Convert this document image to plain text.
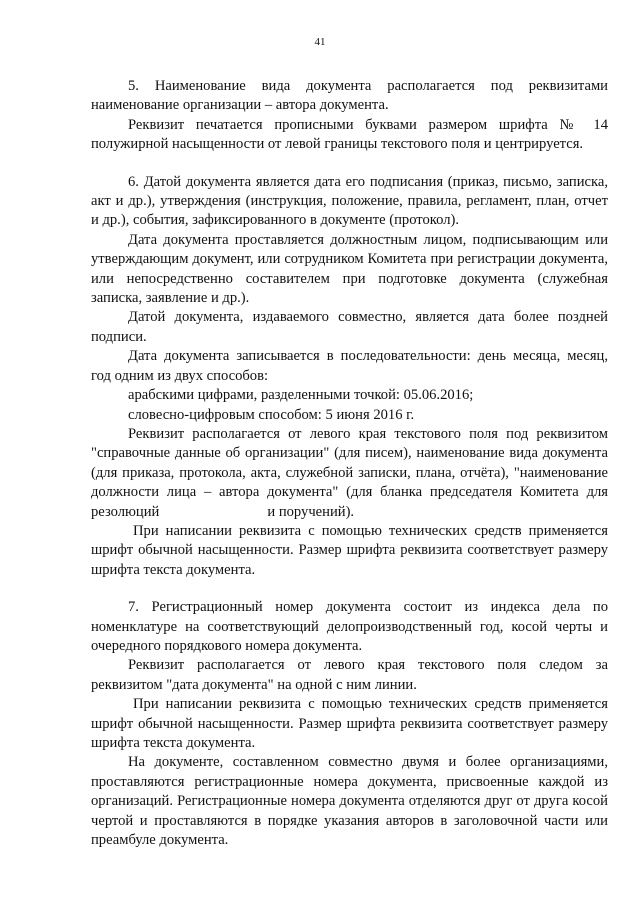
41

5. Наименование вида документа располагается под реквизитами наименование организации – автора документа.

Реквизит печатается прописными буквами размером шрифта № 14 полужирной насыщенности от левой границы текстового поля и центрируется.

6. Датой документа является дата его подписания (приказ, письмо, записка, акт и др.), утверждения (инструкция, положение, правила, регламент, план, отчет и др.), события, зафиксированного в документе (протокол).

Дата документа проставляется должностным лицом, подписывающим или утверждающим документ, или сотрудником Комитета при регистрации документа, или непосредственно составителем при подготовке документа (служебная записка, заявление и др.).

Датой документа, издаваемого совместно, является дата более поздней подписи.

Дата документа записывается в последовательности: день месяца, месяц, год одним из двух способов:

арабскими цифрами, разделенными точкой: 05.06.2016;

словесно-цифровым способом: 5 июня 2016 г.

Реквизит располагается от левого края текстового поля под реквизитом "справочные данные об организации" (для писем), наименование вида документа (для приказа, протокола, акта, служебной записки, плана, отчёта), "наименование должности лица – автора документа" (для бланка председателя Комитета для резолюций	и поручений).

При написании реквизита с помощью технических средств применяется шрифт обычной насыщенности. Размер шрифта реквизита соответствует размеру шрифта текста документа.

7. Регистрационный номер документа состоит из индекса дела по номенклатуре на соответствующий делопроизводственный год, косой черты и очередного порядкового номера документа.

Реквизит располагается от левого края текстового поля следом за реквизитом "дата документа" на одной с ним линии.

При написании реквизита с помощью технических средств применяется шрифт обычной насыщенности. Размер шрифта реквизита соответствует размеру шрифта текста документа.

На документе, составленном совместно двумя и более организациями, проставляются регистрационные номера документа, присвоенные каждой из организаций. Регистрационные номера документа отделяются друг от друга косой чертой и проставляются в порядке указания авторов в заголовочной части или преамбуле документа.
